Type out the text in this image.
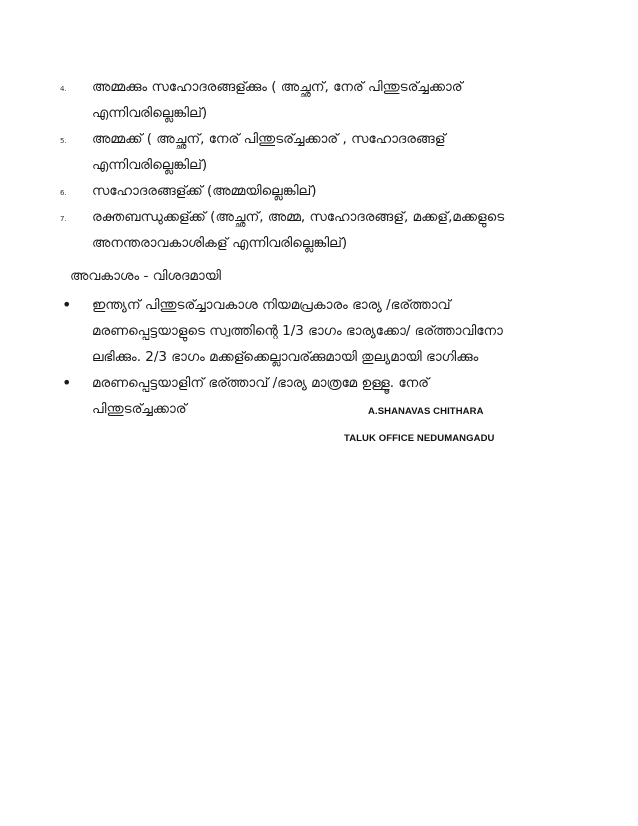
4. അമ്മക്കും സഹോദരങ്ങള്ക്കും ( അച്ഛന്, നേര് പിന്തുടര്ച്ചക്കാര്
എന്നിവരില്ലെങ്കില്)
5. അമ്മക്ക് ( അച്ഛന്, നേര് പിന്തുടര്ച്ചക്കാര് , സഹോദരങ്ങള്
എന്നിവരില്ലെങ്കില്)
6. സഹോദരങ്ങള്ക്ക് (അമ്മയില്ലെങ്കില്)
7. രക്തബന്ധുക്കള്ക്ക് (അച്ഛന്, അമ്മ, സഹോദരങ്ങള്, മക്കള്,മക്കളുടെ
അനന്തരാവകാശികള് എന്നിവരില്ലെങ്കില്)
അവകാശം - വിശദമായി
• ഇന്ത്യന് പിന്തുടര്ച്ചാവകാശ നിയമപ്രകാരം ഭാര്യ /ഭര്ത്താവ്
മരണപ്പെട്ടയാളുടെ സ്വത്തിന്റെ 1/3 ഭാഗം ഭാര്യക്കോ/ ഭര്ത്താവിനോ
ലഭിക്കും. 2/3 ഭാഗം മക്കള്ക്കെല്ലാവര്ക്കുമായി തുല്യമായി ഭാഗിക്കും
• മരണപ്പെട്ടയാളിന് ഭര്ത്താവ് /ഭാര്യ മാത്രമേ ഉള്ളൂ. നേര്
പിന്തുടര്ച്ചക്കാര്	A.SHANAVAS CHITHARA
TALUK OFFICE NEDUMANGADU
